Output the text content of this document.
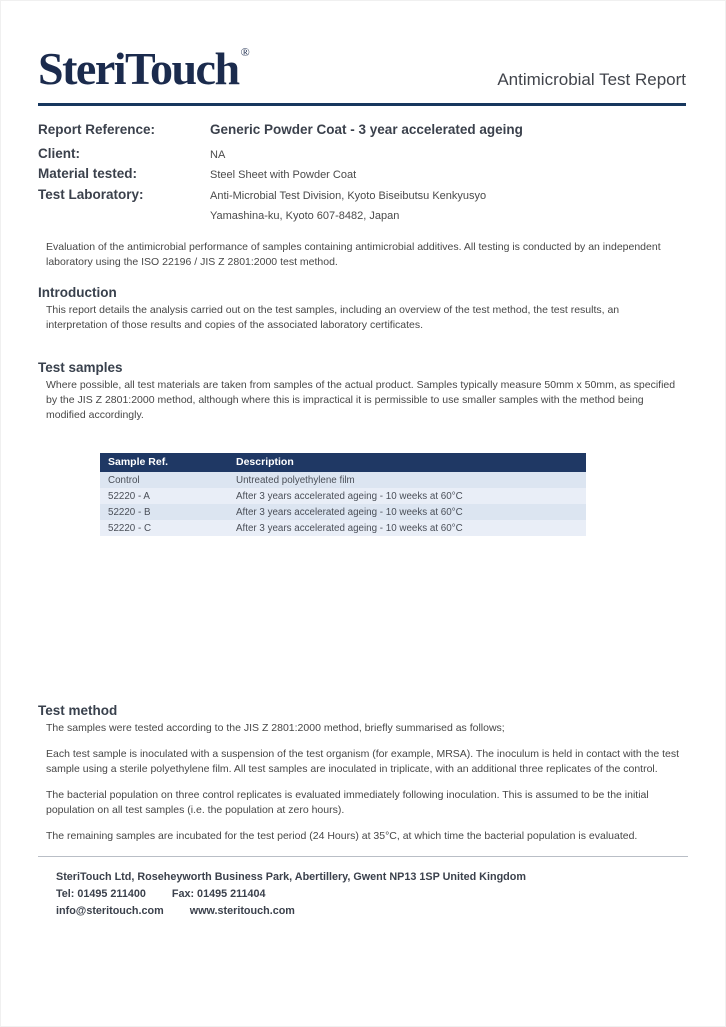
SteriTouch ®
Antimicrobial Test Report
Report Reference:	Generic Powder Coat - 3 year accelerated ageing
Client:	NA
Material tested:	Steel Sheet with Powder Coat
Test Laboratory:	Anti-Microbial Test Division, Kyoto Biseibutsu Kenkyusyo
Yamashina-ku, Kyoto 607-8482, Japan

Evaluation of the antimicrobial performance of samples containing antimicrobial additives. All testing is conducted by an independent laboratory using the ISO 22196 / JIS Z 2801:2000 test method.

Introduction

This report details the analysis carried out on the test samples, including an overview of the test method, the test results, an interpretation of those results and copies of the associated laboratory certificates.

Test samples

Where possible, all test materials are taken from samples of the actual product. Samples typically measure 50mm x 50mm, as specified by the JIS Z 2801:2000 method, although where this is impractical it is permissible to use smaller samples with the method being modified accordingly.

Sample Ref.	Description
Control	Untreated polyethylene film
52220 - A	After 3 years accelerated ageing - 10 weeks at 60°C
52220 - B	After 3 years accelerated ageing - 10 weeks at 60°C
52220 - C	After 3 years accelerated ageing - 10 weeks at 60°C
Test method

The samples were tested according to the JIS Z 2801:2000 method, briefly summarised as follows;

Each test sample is inoculated with a suspension of the test organism (for example, MRSA). The inoculum is held in contact with the test sample using a sterile polyethylene film. All test samples are inoculated in triplicate, with an additional three replicates of the control.

The bacterial population on three control replicates is evaluated immediately following inoculation. This is assumed to be the initial population on all test samples (i.e. the population at zero hours).

The remaining samples are incubated for the test period (24 Hours) at 35°C, at which time the bacterial population is evaluated.

SteriTouch Ltd, Roseheyworth Business Park, Abertillery, Gwent NP13 1SP United Kingdom
Tel: 01495 211400 Fax: 01495 211404
info@steritouch.com www.steritouch.com
